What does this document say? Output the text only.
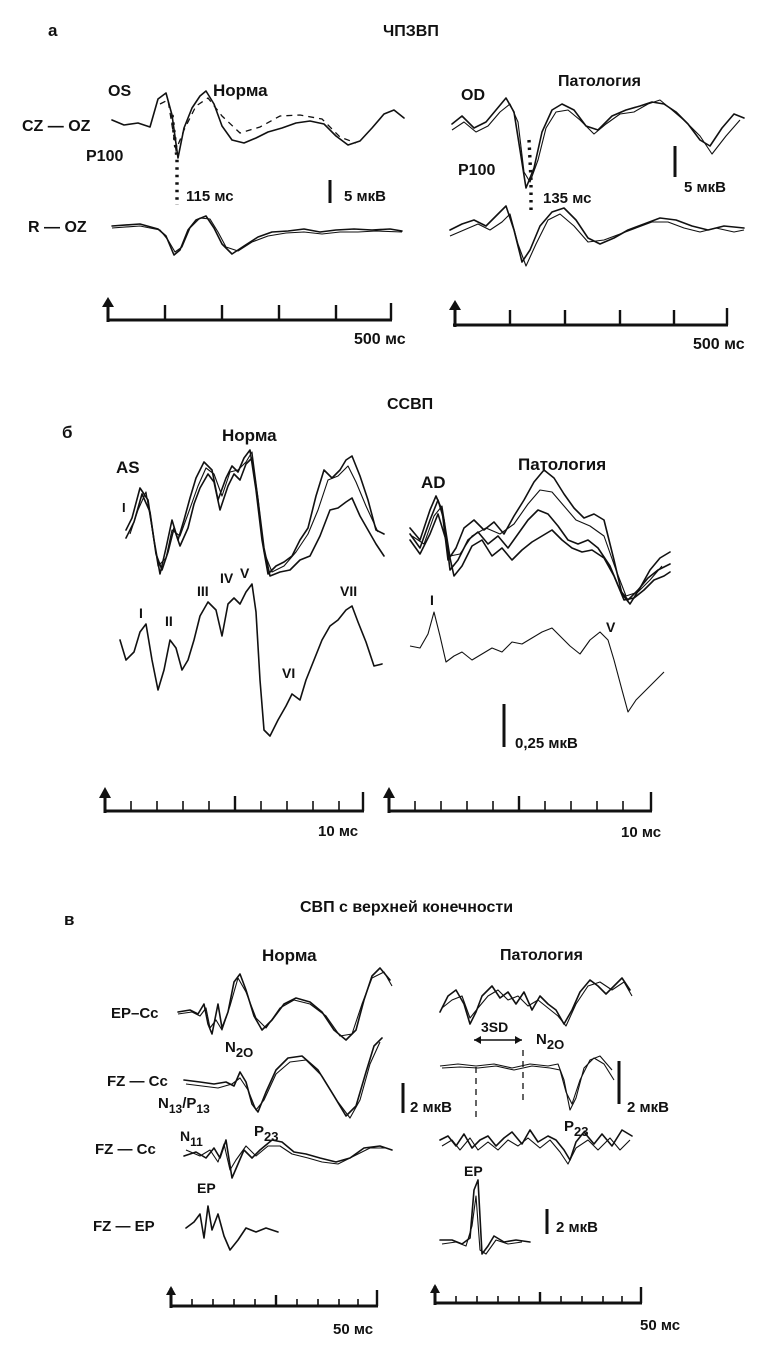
а	ЧПЗВП
OS	Норма
CZ — OZ
P100
115 мс	5 мкВ
R — OZ
500 мс
OD
Патология
P100
135 мс
5 мкВ
500 мс
б
ССВП
AS
Норма
I
I II
III
IV V
VI
VII
AD
Патология
I
V
0,25 мкВ
10 мс	10 мс
в
СВП с верхней конечности
Норма	Патология
EP–Cc
FZ — Cc
FZ — Cc
FZ — EP
N2O
$N_{13}/P_{13}$
P23
N11
EP
2 мкВ
3SD
N2O
2 мкВ
P23
EP
2 мкВ
50 мс	50 мс
